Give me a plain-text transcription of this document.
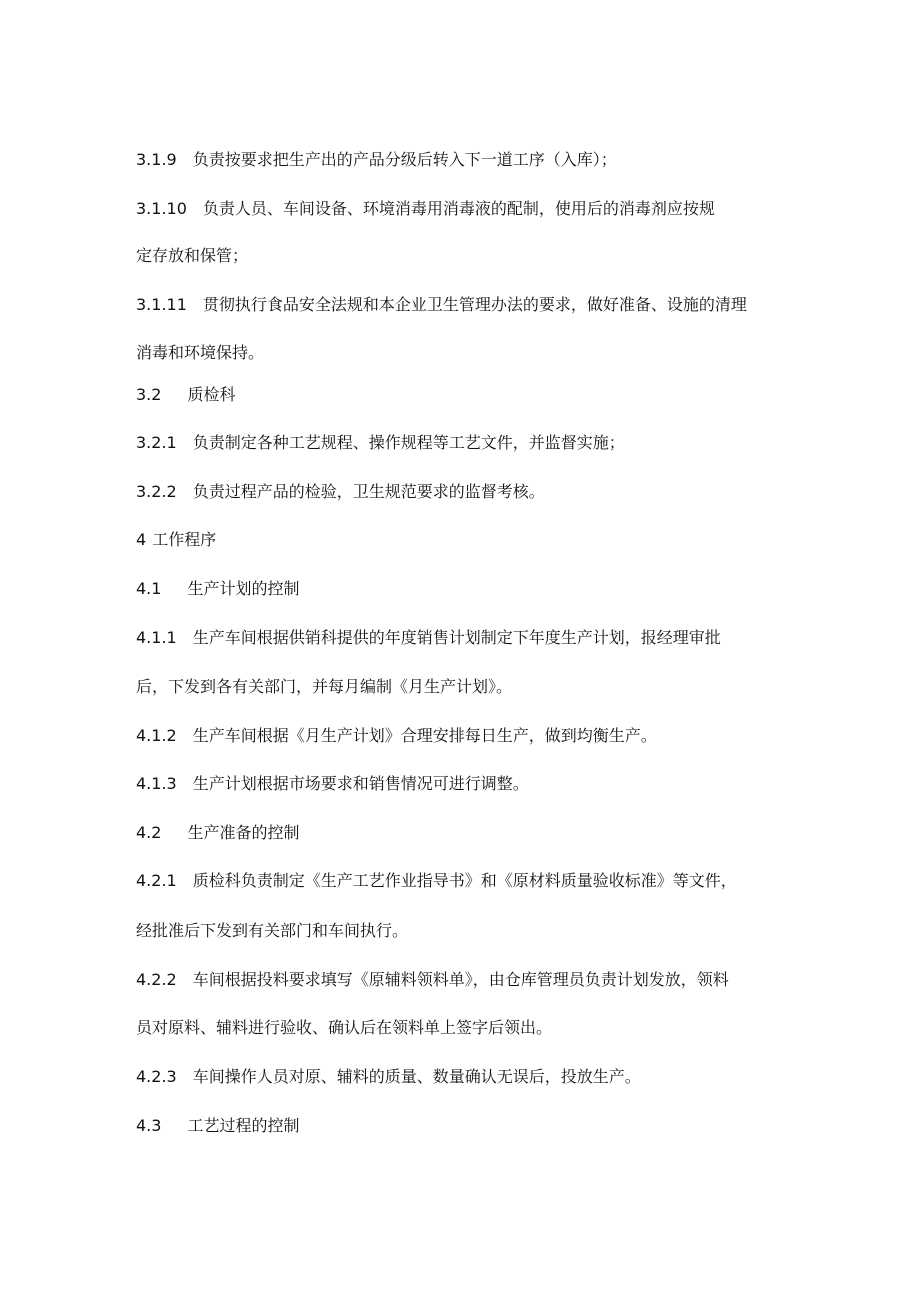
3.1.9 负责按要求把生产出的产品分级后转入下一道工序（入库）；
3.1.10 负责人员、车间设备、环境消毒用消毒液的配制，使用后的消毒剂应按规
定存放和保管；
3.1.11 贯彻执行食品安全法规和本企业卫生管理办法的要求，做好准备、设施的清理
消毒和环境保持。
3.2 质检科
3.2.1 负责制定各种工艺规程、操作规程等工艺文件，并监督实施；
3.2.2 负责过程产品的检验，卫生规范要求的监督考核。
4 工作程序
4.1 生产计划的控制
4.1.1 生产车间根据供销科提供的年度销售计划制定下年度生产计划，报经理审批
后，下发到各有关部门，并每月编制《月生产计划》。
4.1.2 生产车间根据《月生产计划》合理安排每日生产，做到均衡生产。
4.1.3 生产计划根据市场要求和销售情况可进行调整。
4.2 生产准备的控制
4.2.1 质检科负责制定《生产工艺作业指导书》和《原材料质量验收标准》等文件，
经批准后下发到有关部门和车间执行。
4.2.2 车间根据投料要求填写《原辅料领料单》，由仓库管理员负责计划发放，领料
员对原料、辅料进行验收、确认后在领料单上签字后领出。
4.2.3 车间操作人员对原、辅料的质量、数量确认无误后，投放生产。
4.3 工艺过程的控制
